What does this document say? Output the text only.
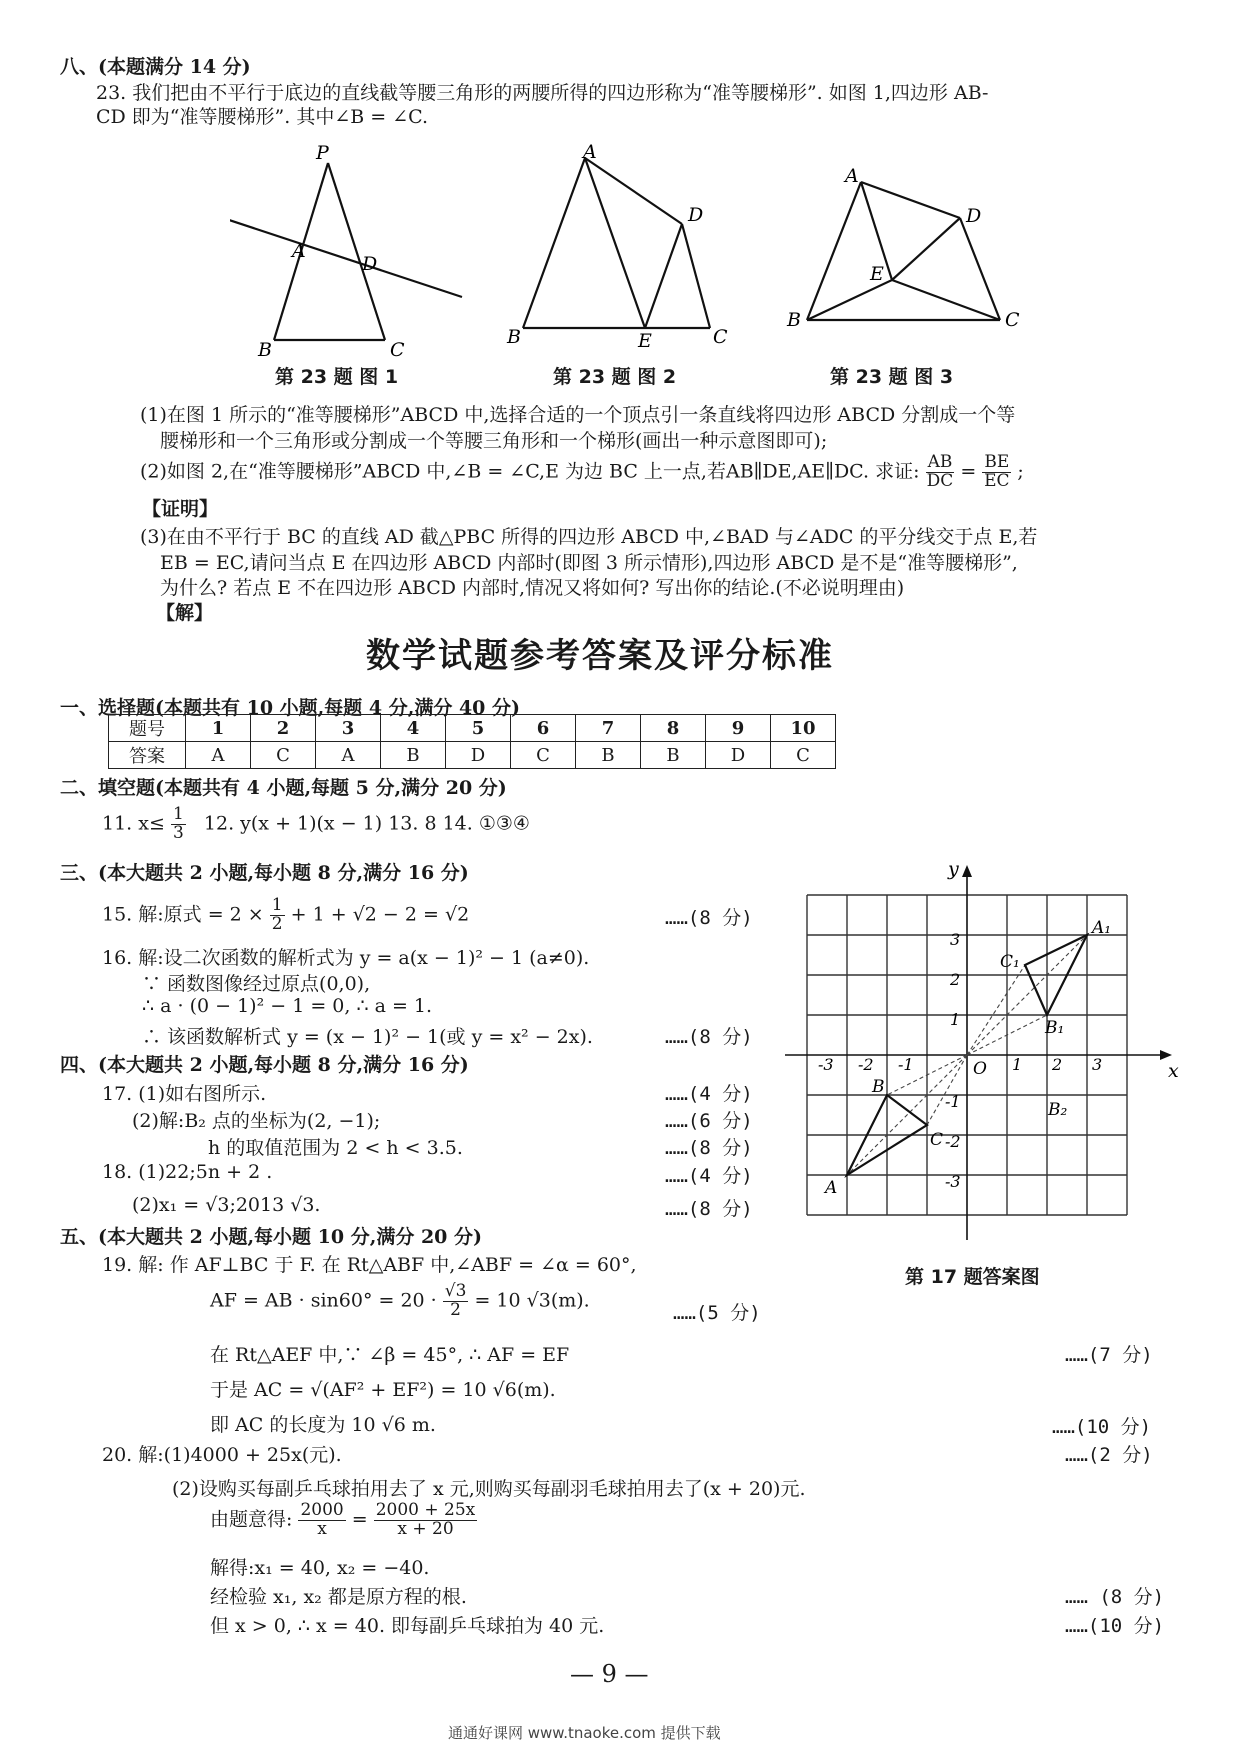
八、(本题满分 14 分)
23. 我们把由不平行于底边的直线截等腰三角形的两腰所得的四边形称为“准等腰梯形”. 如图 1,四边形 AB-
CD 即为“准等腰梯形”. 其中∠B = ∠C.
P
A
D
B	C
A
D
B	E	C
A
D
E
B	C
第 23 题 图 1	第 23 题 图 2	第 23 题 图 3
(1)在图 1 所示的“准等腰梯形”ABCD 中,选择合适的一个顶点引一条直线将四边形 ABCD 分割成一个等
腰梯形和一个三角形或分割成一个等腰三角形和一个梯形(画出一种示意图即可);
(2)如图 2,在“准等腰梯形”ABCD 中,∠B = ∠C,E 为边 BC 上一点,若AB∥DE,AE∥DC. 求证: $\frac{AB}{DC} = \frac{BE}{EC}$ ;
【证明】
(3)在由不平行于 BC 的直线 AD 截△PBC 所得的四边形 ABCD 中,∠BAD 与∠ADC 的平分线交于点 E,若
EB = EC,请问当点 E 在四边形 ABCD 内部时(即图 3 所示情形),四边形 ABCD 是不是“准等腰梯形”,
为什么? 若点 E 不在四边形 ABCD 内部时,情况又将如何? 写出你的结论.(不必说明理由)
【解】
数学试题参考答案及评分标准
一、选择题(本题共有 10 小题,每题 4 分,满分 40 分)
题号	1	2	3	4	5	6	7	8	9	10
答案	A	C	A	B	D	C	B	B	D	C
二、填空题(本题共有 4 小题,每题 5 分,满分 20 分)
11. $x\le \frac{1}{3} 12$. y(x + 1)(x − 1) 13. 8 14. ①③④
三、(本大题共 2 小题,每小题 8 分,满分 16 分)
15. 解:原式 = $2 \times \frac{1}{2} + 1 + √2 - 2 = √2$	……(8 分)
16. 解:设二次函数的解析式为 y = a(x − 1)² − 1 (a≠0).
∵ 函数图像经过原点(0,0),
∴ a · (0 − 1)² − 1 = 0, ∴ a = 1.
∴ 该函数解析式 y = (x − 1)² − 1(或 y = x² − 2x).	……(8 分)
四、(本大题共 2 小题,每小题 8 分,满分 16 分)
17. (1)如右图所示.	……(4 分)
(2)解:B₂ 点的坐标为(2, −1);	……(6 分)
h 的取值范围为 2 < h < 3.5.	……(8 分)
18. (1)22;5n + 2 .	……(4 分)
(2)x₁ = √3;2013 √3.	……(8 分)
五、(本大题共 2 小题,每小题 10 分,满分 20 分)
19. 解: 作 AF⊥BC 于 F. 在 Rt△ABF 中,∠ABF = ∠α = 60°,
AF = AB · $\sin 60^\circ = 20 \cdot \frac{√3}{2} = 10$ √3(m).
……(5 分)
在 Rt△AEF 中,∵ ∠β = 45°, ∴ AF = EF	……(7 分)
于是 AC = √(AF² + EF²) = 10 √6(m).
即 AC 的长度为 10 √6 m.	……(10 分)
20. 解:(1)4000 + 25x(元).	……(2 分)
(2)设购买每副乒乓球拍用去了 x 元,则购买每副羽毛球拍用去了(x + 20)元.
由题意得: $\frac{2000}{x} = \frac{2000 + 25x}{x + 20}$
解得:x₁ = 40, x₂ = −40.
经检验 x₁, x₂ 都是原方程的根.	…… (8 分)
但 x > 0, ∴ x = 40. 即每副乒乓球拍为 40 元.	……(10 分)
-3 -2 -1	1 2 3
3
2
1
-1
-2
-3
x
y
O
A₁
C₁
B₁
B
C
A
B₂
第 17 题答案图
— 9 —
通通好课网 www.tnaoke.com 提供下载
